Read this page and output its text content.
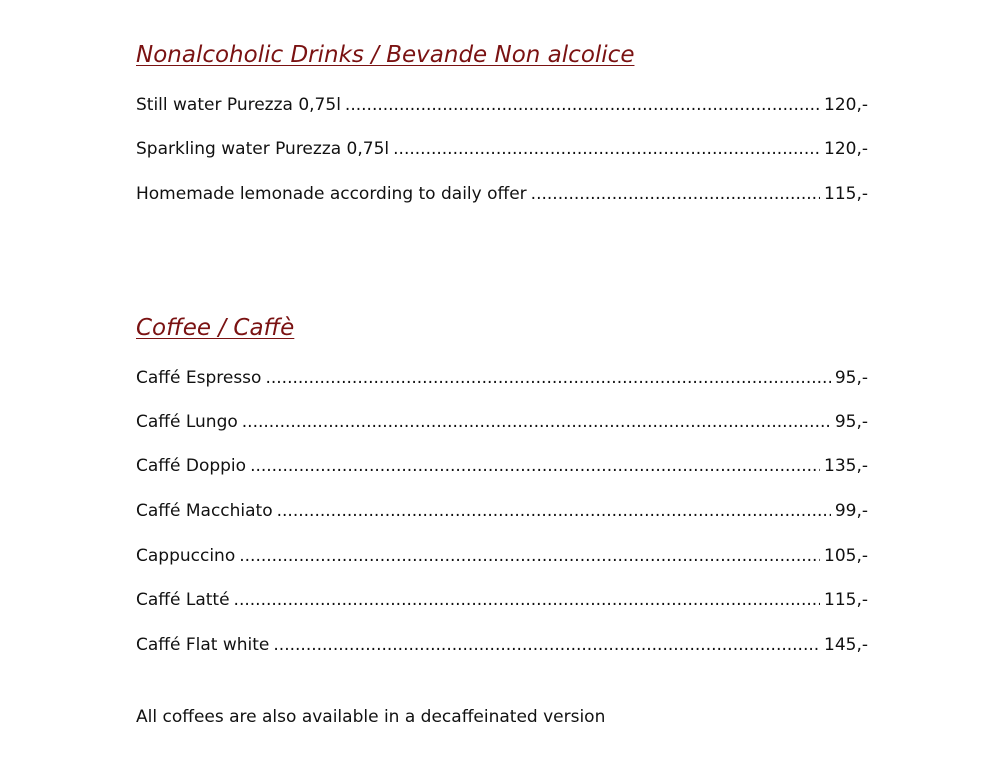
Nonalcoholic Drinks / Bevande Non alcolice
Still water Purezza 0,75l .....	120,-
Sparkling water Purezza 0,75l .....	120,-
Homemade lemonade according to daily offer .....	115,-
Coffee / Caffè
Caffé Espresso .....	95,-
Caffé Lungo .....	95,-
Caffé Doppio .....	135,-
Caffé Macchiato .....	99,-
Cappuccino .....	105,-
Caffé Latté .....	115,-
Caffé Flat white .....	145,-
All coffees are also available in a decaffeinated version
